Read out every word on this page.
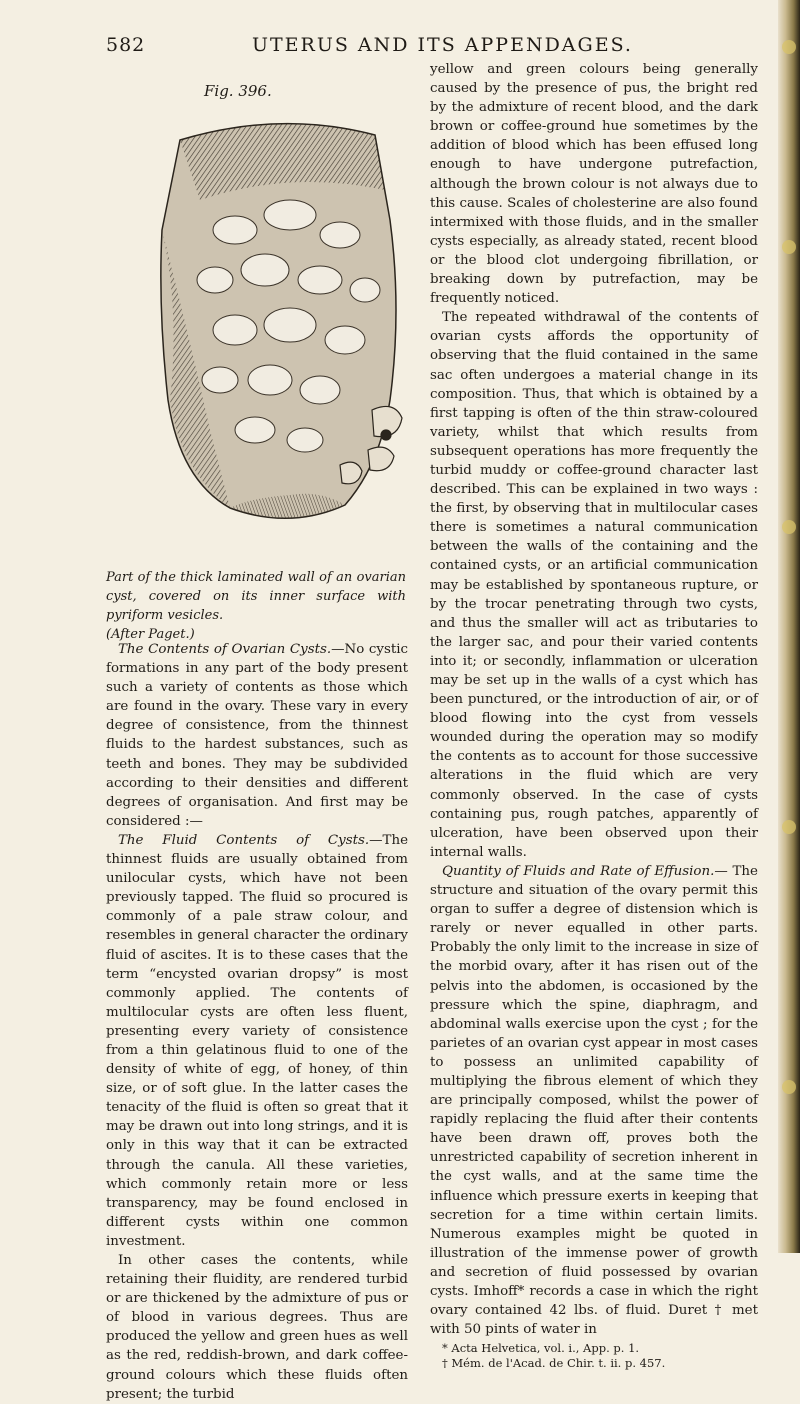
582	UTERUS AND ITS APPENDAGES.
Fig. 396.
Part of the thick laminated wall of an ovarian cyst, covered on its inner surface with pyriform vesicles.
(After Paget.)

The Contents of Ovarian Cysts.—No cystic formations in any part of the body present such a variety of contents as those which are found in the ovary. These vary in every degree of consistence, from the thinnest fluids to the hardest substances, such as teeth and bones. They may be subdivided according to their densities and different degrees of organisation. And first may be considered :—

The Fluid Contents of Cysts.—The thinnest fluids are usually obtained from unilocular cysts, which have not been previously tapped. The fluid so procured is commonly of a pale straw colour, and resembles in general character the ordinary fluid of ascites. It is to these cases that the term “encysted ovarian dropsy” is most commonly applied. The contents of multilocular cysts are often less fluent, presenting every variety of consistence from a thin gelatinous fluid to one of the density of white of egg, of honey, of thin size, or of soft glue. In the latter cases the tenacity of the fluid is often so great that it may be drawn out into long strings, and it is only in this way that it can be extracted through the canula. All these varieties, which commonly retain more or less transparency, may be found enclosed in different cysts within one common investment.

In other cases the contents, while retaining their fluidity, are rendered turbid or are thickened by the admixture of pus or of blood in various degrees. Thus are produced the yellow and green hues as well as the red, reddish-brown, and dark coffee-ground colours which these fluids often present; the turbid

yellow and green colours being generally caused by the presence of pus, the bright red by the admixture of recent blood, and the dark brown or coffee-ground hue sometimes by the addition of blood which has been effused long enough to have undergone putrefaction, although the brown colour is not always due to this cause. Scales of cholesterine are also found intermixed with those fluids, and in the smaller cysts especially, as already stated, recent blood or the blood clot undergoing fibrillation, or breaking down by putrefaction, may be frequently noticed.

The repeated withdrawal of the contents of ovarian cysts affords the opportunity of observing that the fluid contained in the same sac often undergoes a material change in its composition. Thus, that which is obtained by a first tapping is often of the thin straw-coloured variety, whilst that which results from subsequent operations has more frequently the turbid muddy or coffee-ground character last described. This can be explained in two ways : the first, by observing that in multilocular cases there is sometimes a natural communication between the walls of the containing and the contained cysts, or an artificial communication may be established by spontaneous rupture, or by the trocar penetrating through two cysts, and thus the smaller will act as tributaries to the larger sac, and pour their varied contents into it; or secondly, inflammation or ulceration may be set up in the walls of a cyst which has been punctured, or the introduction of air, or of blood flowing into the cyst from vessels wounded during the operation may so modify the contents as to account for those successive alterations in the fluid which are very commonly observed. In the case of cysts containing pus, rough patches, apparently of ulceration, have been observed upon their internal walls.

Quantity of Fluids and Rate of Effusion.— The structure and situation of the ovary permit this organ to suffer a degree of distension which is rarely or never equalled in other parts. Probably the only limit to the increase in size of the morbid ovary, after it has risen out of the pelvis into the abdomen, is occasioned by the pressure which the spine, diaphragm, and abdominal walls exercise upon the cyst ; for the parietes of an ovarian cyst appear in most cases to possess an unlimited capability of multiplying the fibrous element of which they are principally composed, whilst the power of rapidly replacing the fluid after their contents have been drawn off, proves both the unrestricted capability of secretion inherent in the cyst walls, and at the same time the influence which pressure exerts in keeping that secretion for a time within certain limits. Numerous examples might be quoted in illustration of the immense power of growth and secretion of fluid possessed by ovarian cysts. Imhoff* records a case in which the right ovary contained 42 lbs. of fluid. Duret † met with 50 pints of water in

* Acta Helvetica, vol. i., App. p. 1.
† Mém. de l'Acad. de Chir. t. ii. p. 457.
